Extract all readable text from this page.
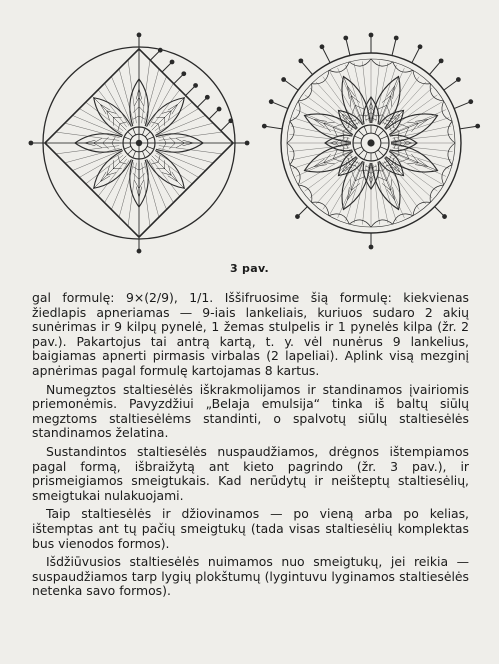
3 pav.

gal formulę: 9×(2/9), 1/1. Iššifruosime šią formulę: kiekvienas žiedlapis apneriamas — 9-iais lankeliais, kuriuos sudaro 2 akių sunėrimas ir 9 kilpų pynelė, 1 žemas stulpelis ir 1 pynelės kilpa (žr. 2 pav.). Pakartojus tai antrą kartą, t. y. vėl nunėrus 9 lankelius, baigiamas apnerti pirmasis virbalas (2 lapeliai). Aplink visą mezginį apnėrimas pagal formulę kartojamas 8 kartus.

Numegztos staltiesėlės iškrakmolijamos ir standinamos įvairiomis priemonėmis. Pavyzdžiui „Belaja emulsija“ tinka iš baltų siūlų megztoms staltiesėlėms standinti, o spalvotų siūlų staltiesėlės standinamos želatina.

Sustandintos staltiesėlės nuspaudžiamos, drėgnos ištempiamos pagal formą, išbraižytą ant kieto pagrindo (žr. 3 pav.), ir prismeigiamos smeigtukais. Kad nerūdytų ir neišteptų staltiesėlių, smeigtukai nulakuojami.

Taip staltiesėlės ir džiovinamos — po vieną arba po kelias, ištemptas ant tų pačių smeigtukų (tada visas staltiesėlių komplektas bus vienodos formos).

Išdžiūvusios staltiesėlės nuimamos nuo smeigtukų, jei reikia — suspaudžiamos tarp lygių plokštumų (lygintuvu lyginamos staltiesėlės netenka savo formos).
